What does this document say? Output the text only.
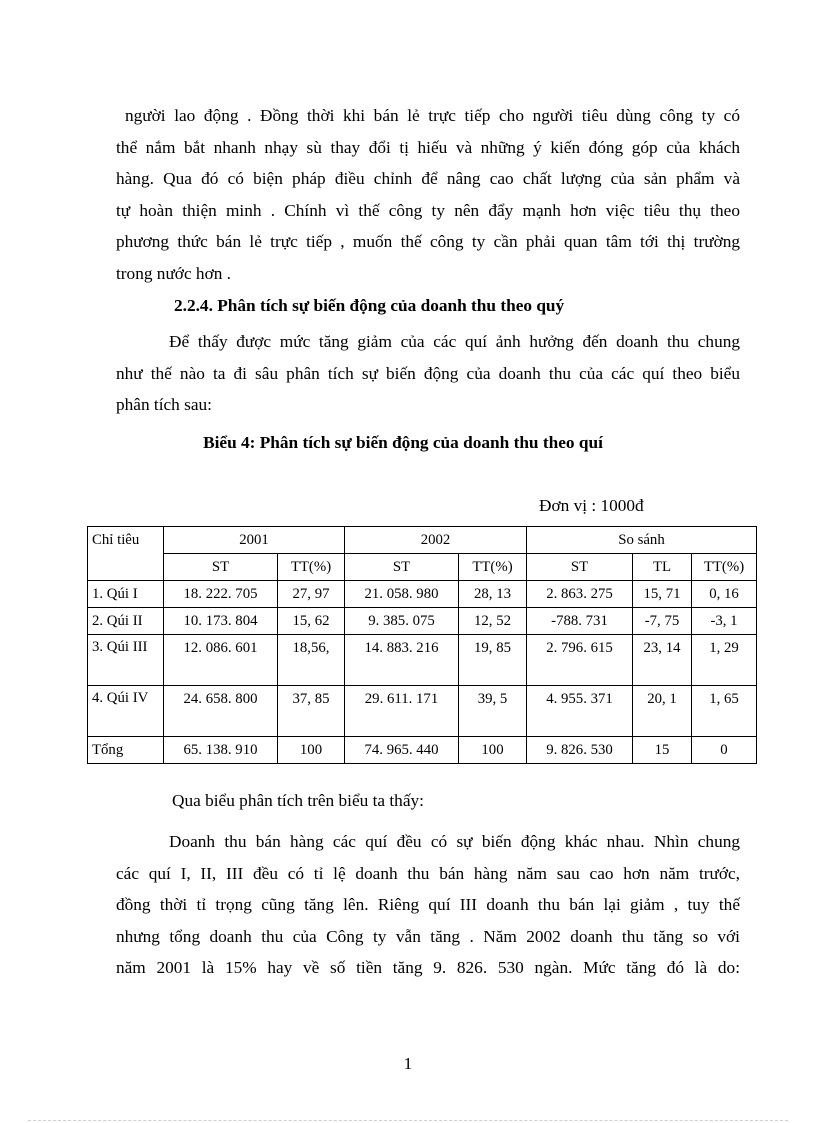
người lao động . Đồng thời khi bán lẻ trực tiếp cho người tiêu dùng công ty có
thể nắm bắt nhanh nhạy sù thay đổi tị hiếu và những ý kiến đóng góp của khách
hàng. Qua đó có biện pháp điều chỉnh để nâng cao chất lượng của sản phẩm và
tự hoàn thiện minh . Chính vì thế công ty nên đẩy mạnh hơn việc tiêu thụ theo
phương thức bán lẻ trực tiếp , muốn thế công ty cần phải quan tâm tới thị trường
trong nước hơn .
2.2.4. Phân tích sự biến động của doanh thu theo quý
Để thấy được mức tăng giảm của các quí ảnh hưởng đến doanh thu chung
như thế nào ta đi sâu phân tích sự biến động của doanh thu của các quí theo biểu
phân tích sau:
Biểu 4: Phân tích sự biến động của doanh thu theo quí
Đơn vị : 1000đ
Chỉ tiêu	2001		2002		So sánh		
	ST	TT(%)	ST	TT(%)	ST	TL	TT(%)
1. Qúi I	18. 222. 705	27, 97	21. 058. 980	28, 13	2. 863. 275	15, 71	0, 16
2. Qúi II	10. 173. 804	15, 62	9. 385. 075	12, 52	-788. 731	-7, 75	-3, 1
3. Qúi III	12. 086. 601	18,56,	14. 883. 216	19, 85	2. 796. 615	23, 14	1, 29
4. Qúi IV	24. 658. 800	37, 85	29. 611. 171	39, 5	4. 955. 371	20, 1	1, 65
Tổng	65. 138. 910	100	74. 965. 440	100	9. 826. 530	15	0
Qua biểu phân tích trên biểu ta thấy:
Doanh thu bán hàng các quí đều có sự biến động khác nhau. Nhìn chung
các quí I, II, III đều có tỉ lệ doanh thu bán hàng năm sau cao hơn năm trước,
đồng thời tỉ trọng cũng tăng lên. Riêng quí III doanh thu bán lại giảm , tuy thế
nhưng tổng doanh thu của Công ty vẫn tăng . Năm 2002 doanh thu tăng so với
năm 2001 là 15% hay về số tiền tăng 9. 826. 530 ngàn. Mức tăng đó là do:
1
